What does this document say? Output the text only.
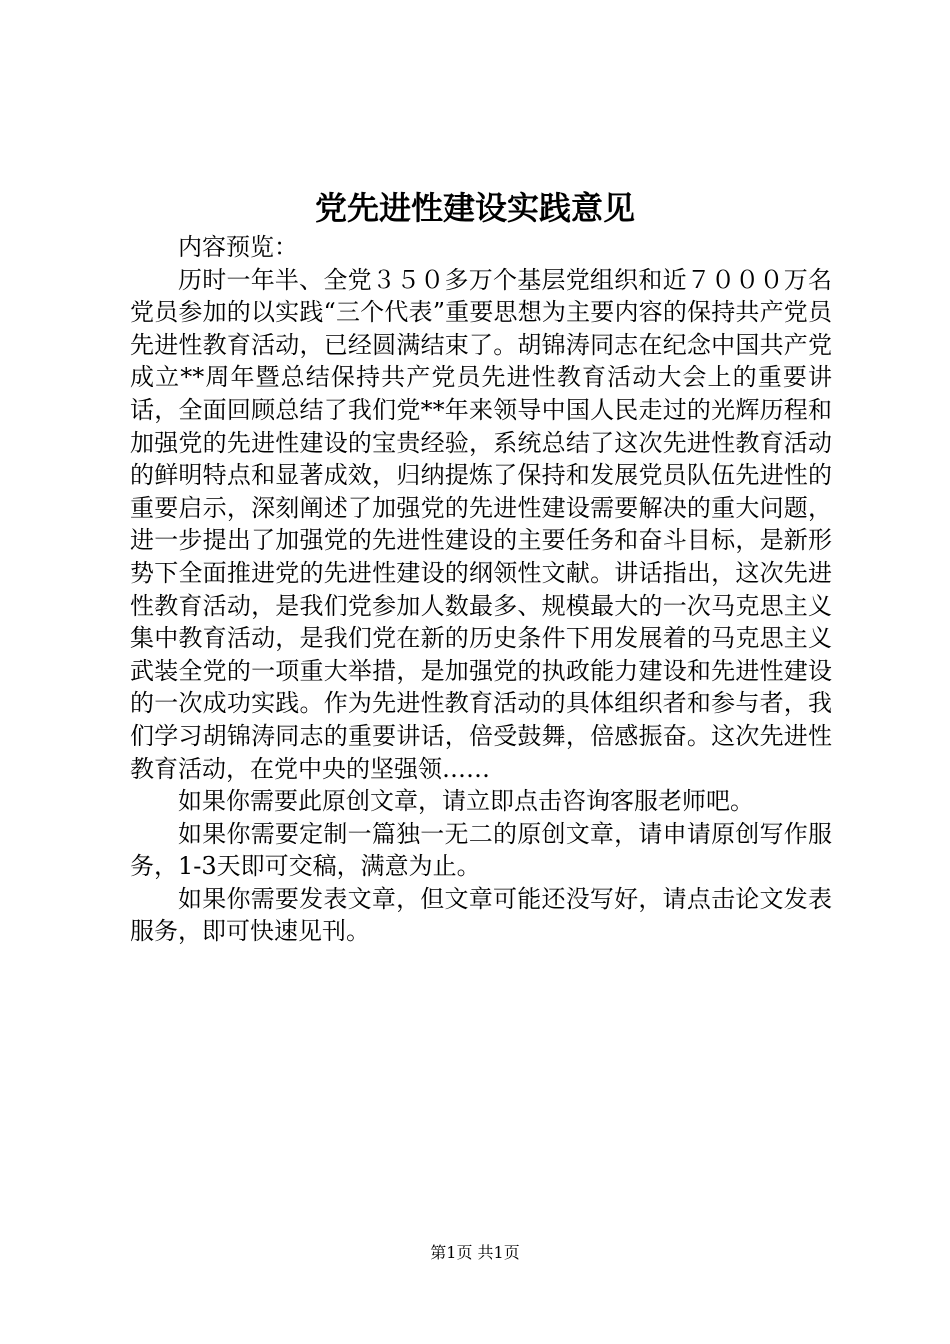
党先进性建设实践意见

内容预览：

历时一年半、全党３５０多万个基层党组织和近７０００万名党员参加的以实践“三个代表”重要思想为主要内容的保持共产党员先进性教育活动，已经圆满结束了。胡锦涛同志在纪念中国共产党成立**周年暨总结保持共产党员先进性教育活动大会上的重要讲话，全面回顾总结了我们党**年来领导中国人民走过的光辉历程和加强党的先进性建设的宝贵经验，系统总结了这次先进性教育活动的鲜明特点和显著成效，归纳提炼了保持和发展党员队伍先进性的重要启示，深刻阐述了加强党的先进性建设需要解决的重大问题，进一步提出了加强党的先进性建设的主要任务和奋斗目标，是新形势下全面推进党的先进性建设的纲领性文献。讲话指出，这次先进性教育活动，是我们党参加人数最多、规模最大的一次马克思主义集中教育活动，是我们党在新的历史条件下用发展着的马克思主义武装全党的一项重大举措，是加强党的执政能力建设和先进性建设的一次成功实践。作为先进性教育活动的具体组织者和参与者，我们学习胡锦涛同志的重要讲话，倍受鼓舞，倍感振奋。这次先进性教育活动，在党中央的坚强领……

如果你需要此原创文章，请立即点击咨询客服老师吧。

如果你需要定制一篇独一无二的原创文章，请申请原创写作服务，1-3天即可交稿，满意为止。

如果你需要发表文章，但文章可能还没写好，请点击论文发表服务，即可快速见刊。

第1页 共1页
